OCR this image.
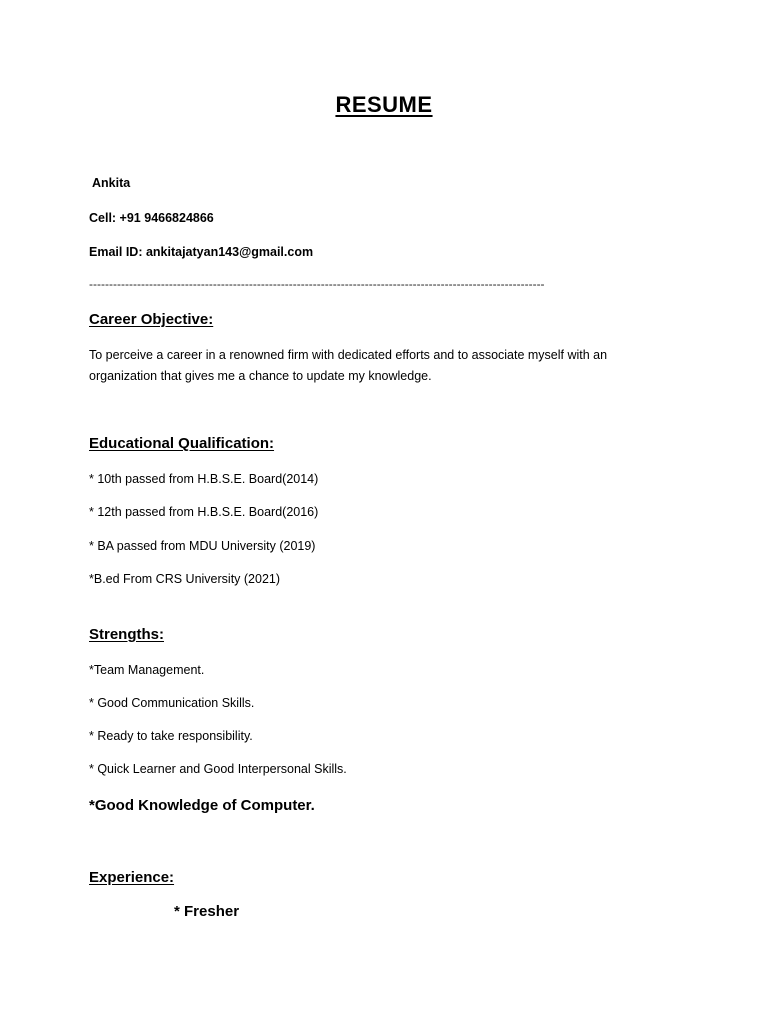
RESUME
Ankita
Cell: +91 9466824866
Email ID: ankitajatyan143@gmail.com
------------------------------------------------------------------------------------------------------------------
Career Objective:
To perceive a career in a renowned firm with dedicated efforts and to associate myself with an organization that gives me a chance to update my knowledge.
Educational Qualification:
* 10th passed from H.B.S.E. Board(2014)
* 12th passed from H.B.S.E. Board(2016)
* BA passed from MDU University (2019)
*B.ed From CRS University (2021)
Strengths:
*Team Management.
* Good Communication Skills.
* Ready to take responsibility.
* Quick Learner and Good Interpersonal Skills.
*Good Knowledge of Computer.
Experience:
* Fresher
